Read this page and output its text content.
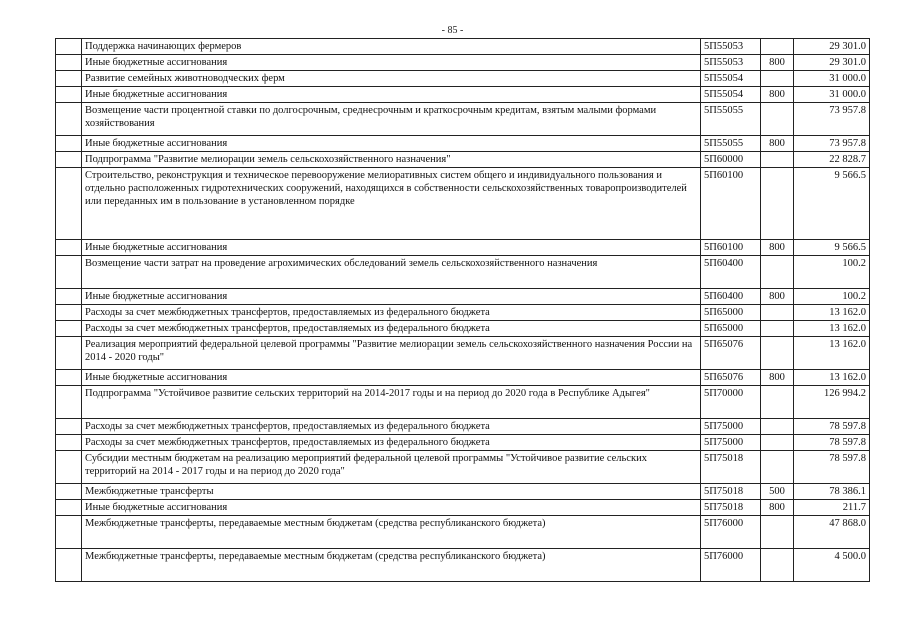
- 85 -
	Поддержка начинающих фермеров	5П55053		29 301.0
	Иные бюджетные ассигнования	5П55053	800	29 301.0
	Развитие семейных животноводческих ферм	5П55054		31 000.0
	Иные бюджетные ассигнования	5П55054	800	31 000.0
	Возмещение части процентной ставки по долгосрочным, среднесрочным и краткосрочным кредитам, взятым малыми формами хозяйствования	5П55055		73 957.8
	Иные бюджетные ассигнования	5П55055	800	73 957.8
	Подпрограмма "Развитие мелиорации земель сельскохозяйственного назначения"	5П60000		22 828.7
	Строительство, реконструкция и техническое перевооружение мелиоративных систем общего и индивидуального пользования и отдельно расположенных гидротехнических сооружений, находящихся в собственности сельскохозяйственных товаропроизводителей или переданных им в пользование в установленном порядке	5П60100		9 566.5
	Иные бюджетные ассигнования	5П60100	800	9 566.5
	Возмещение части затрат на проведение агрохимических обследований земель сельскохозяйственного назначения	5П60400		100.2
	Иные бюджетные ассигнования	5П60400	800	100.2
	Расходы за счет межбюджетных трансфертов, предоставляемых из федерального бюджета	5П65000		13 162.0
	Расходы за счет межбюджетных трансфертов, предоставляемых из федерального бюджета	5П65000		13 162.0
	Реализация мероприятий федеральной целевой программы "Развитие мелиорации земель сельскохозяйственного назначения России на 2014 - 2020 годы"	5П65076		13 162.0
	Иные бюджетные ассигнования	5П65076	800	13 162.0
	Подпрограмма "Устойчивое развитие сельских территорий на 2014-2017 годы и на период до 2020 года в Республике Адыгея"	5П70000		126 994.2
	Расходы за счет межбюджетных трансфертов, предоставляемых из федерального бюджета	5П75000		78 597.8
	Расходы за счет межбюджетных трансфертов, предоставляемых из федерального бюджета	5П75000		78 597.8
	Субсидии местным бюджетам на реализацию мероприятий федеральной целевой программы "Устойчивое развитие сельских территорий на 2014 - 2017 годы и на период до 2020 года"	5П75018		78 597.8
	Межбюджетные трансферты	5П75018	500	78 386.1
	Иные бюджетные ассигнования	5П75018	800	211.7
	Межбюджетные трансферты, передаваемые местным бюджетам (средства республиканского бюджета)	5П76000		47 868.0
	Межбюджетные трансферты, передаваемые местным бюджетам (средства республиканского бюджета)	5П76000		4 500.0
